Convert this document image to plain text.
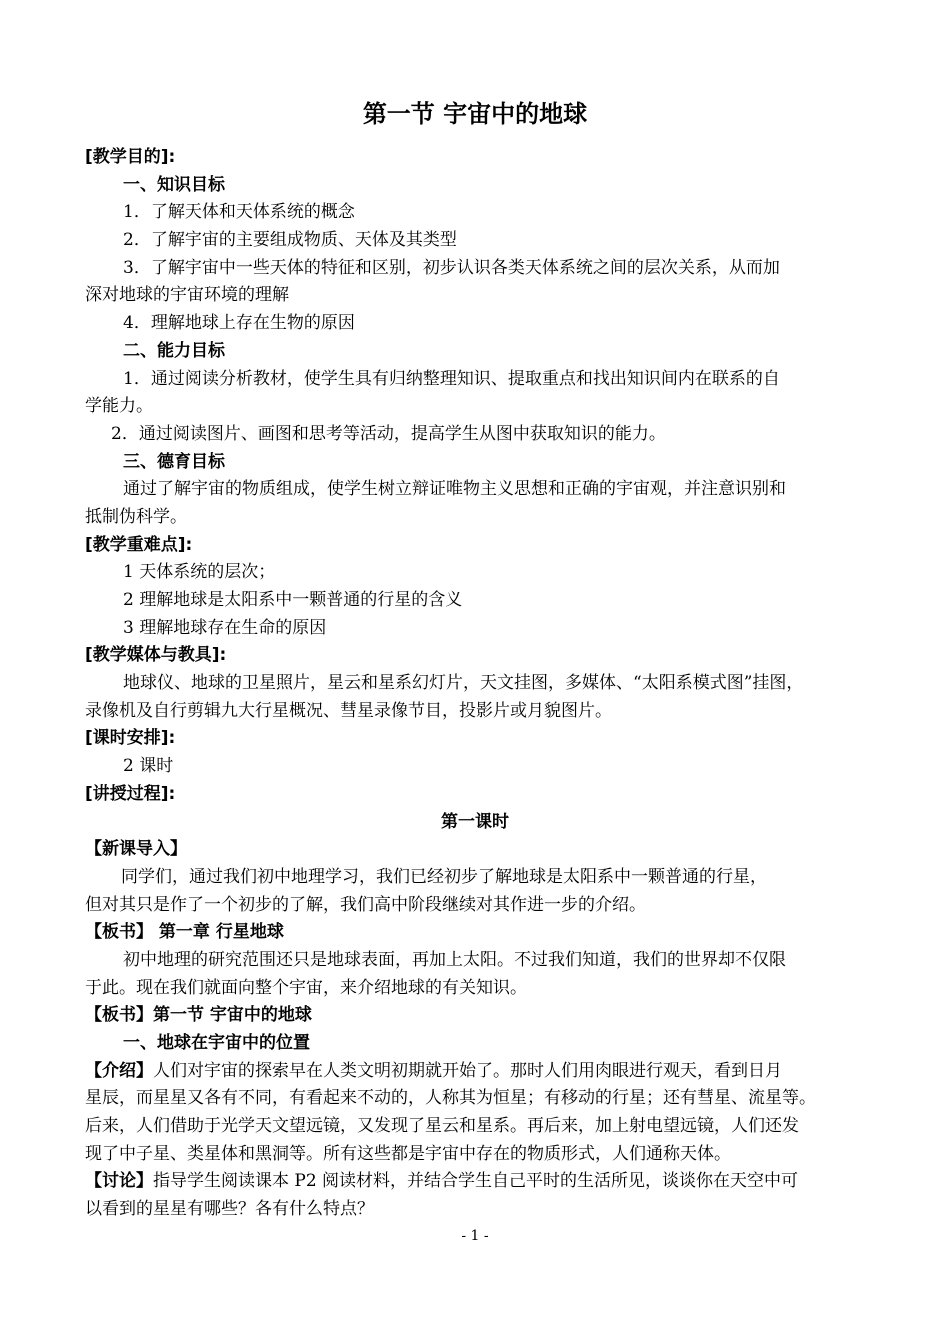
第一节 宇宙中的地球
[教学目的]:
一、知识目标
1．了解天体和天体系统的概念
2．了解宇宙的主要组成物质、天体及其类型
3．了解宇宙中一些天体的特征和区别，初步认识各类天体系统之间的层次关系，从而加
深对地球的宇宙环境的理解
4．理解地球上存在生物的原因
二、能力目标
1．通过阅读分析教材，使学生具有归纳整理知识、提取重点和找出知识间内在联系的自
学能力。
2．通过阅读图片、画图和思考等活动，提高学生从图中获取知识的能力。
三、德育目标
通过了解宇宙的物质组成，使学生树立辩证唯物主义思想和正确的宇宙观，并注意识别和
抵制伪科学。
[教学重难点]:
1 天体系统的层次；
2 理解地球是太阳系中一颗普通的行星的含义
3 理解地球存在生命的原因
[教学媒体与教具]:
地球仪、地球的卫星照片，星云和星系幻灯片，天文挂图，多媒体、“太阳系模式图”挂图，
录像机及自行剪辑九大行星概况、彗星录像节目，投影片或月貌图片。
[课时安排]:
2 课时
[讲授过程]:
第一课时
【新课导入】
同学们，通过我们初中地理学习，我们已经初步了解地球是太阳系中一颗普通的行星，
但对其只是作了一个初步的了解，我们高中阶段继续对其作进一步的介绍。
【板书】 第一章 行星地球
初中地理的研究范围还只是地球表面，再加上太阳。不过我们知道，我们的世界却不仅限
于此。现在我们就面向整个宇宙，来介绍地球的有关知识。
【板书】第一节 宇宙中的地球
一、地球在宇宙中的位置
【介绍】人们对宇宙的探索早在人类文明初期就开始了。那时人们用肉眼进行观天，看到日月
星辰，而星星又各有不同，有看起来不动的，人称其为恒星；有移动的行星；还有彗星、流星等。
后来，人们借助于光学天文望远镜，又发现了星云和星系。再后来，加上射电望远镜，人们还发
现了中子星、类星体和黑洞等。所有这些都是宇宙中存在的物质形式，人们通称天体。
【讨论】指导学生阅读课本 P2 阅读材料，并结合学生自己平时的生活所见，谈谈你在天空中可
以看到的星星有哪些？各有什么特点？
- 1 -
